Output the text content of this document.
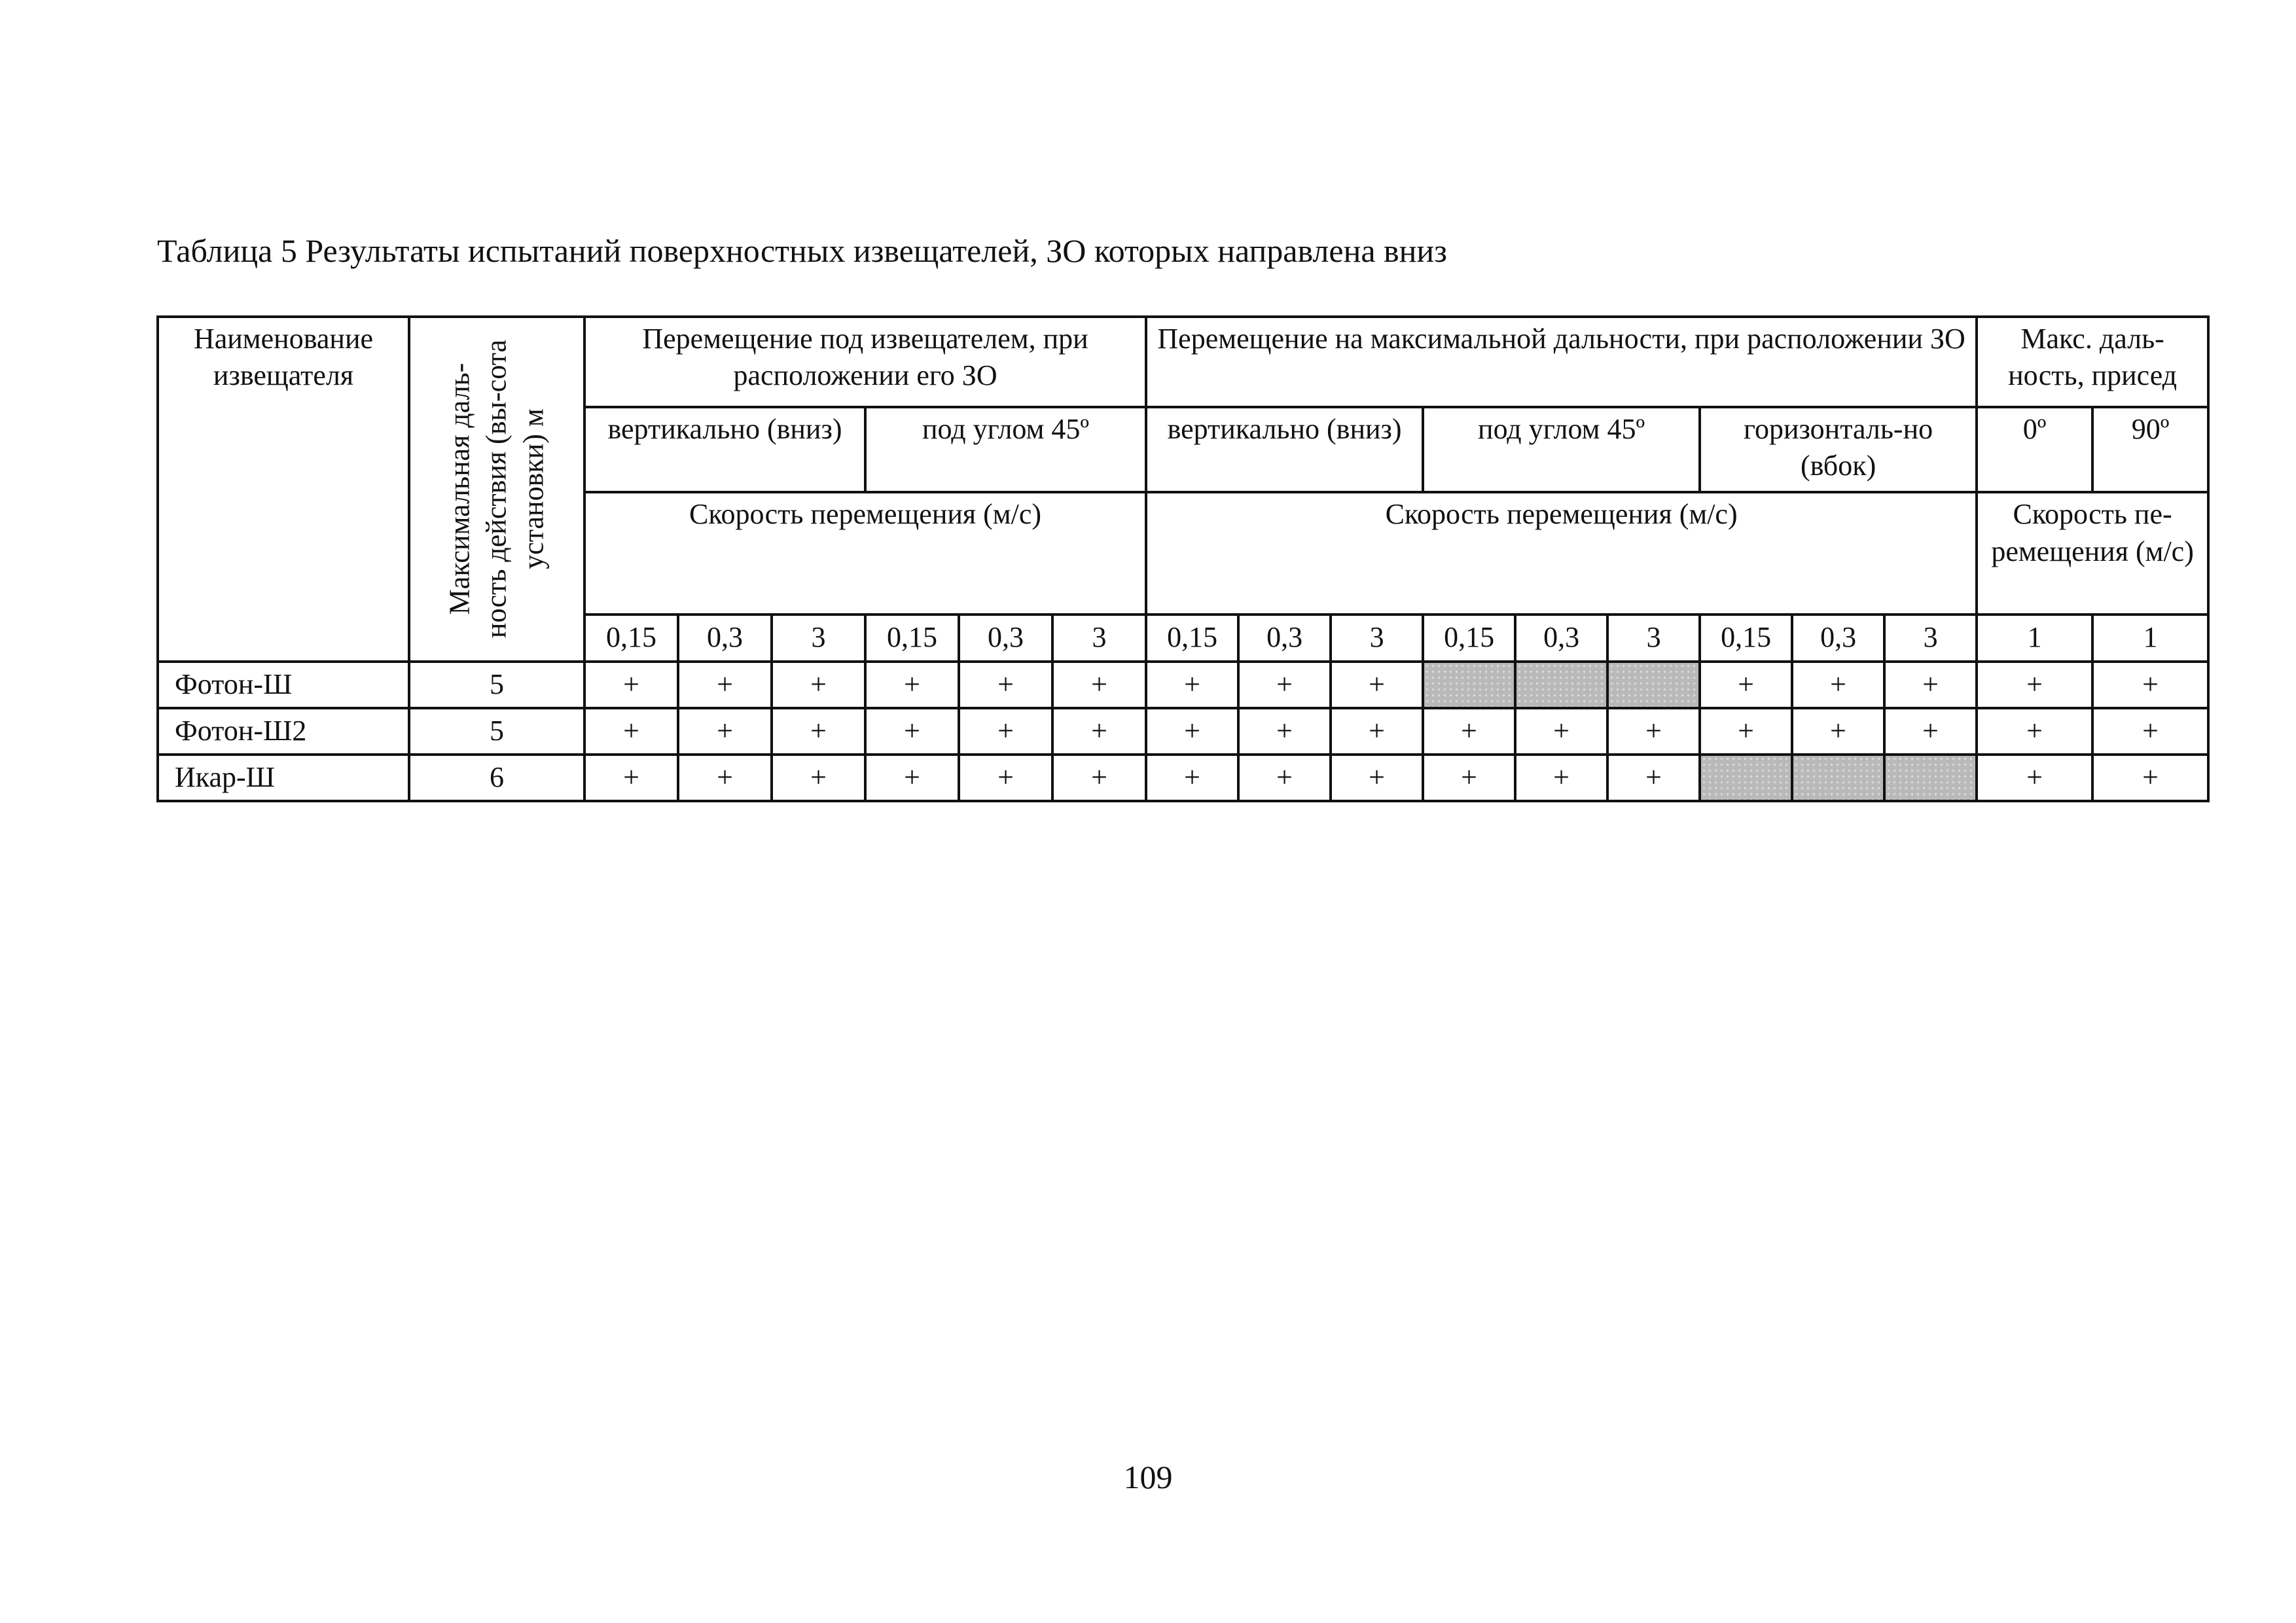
Таблица 5 Результаты испытаний поверхностных извещателей, ЗО которых направлена вниз
Наименование извещателя	Максимальная даль-ность действия (вы-сота установки) м	Перемещение под извещателем, при расположении его ЗО						Перемещение на максимальной дальности, при расположении ЗО									Макс. даль-ность, присед	
		вертикально (вниз)			под углом 45º			вертикально (вниз)			под углом 45º			горизонталь-но (вбок)			0º	90º
		Скорость перемещения (м/с)						Скорость перемещения (м/с)									Скорость пе-ремещения (м/с)	
		0,15	0,3	3	0,15	0,3	3	0,15	0,3	3	0,15	0,3	3	0,15	0,3	3	1	1
Фотон-Ш	5	+	+	+	+	+	+	+	+	+				+	+	+	+	+
Фотон-Ш2	5	+	+	+	+	+	+	+	+	+	+	+	+	+	+	+	+	+
Икар-Ш	6	+	+	+	+	+	+	+	+	+	+	+	+				+	+
109
